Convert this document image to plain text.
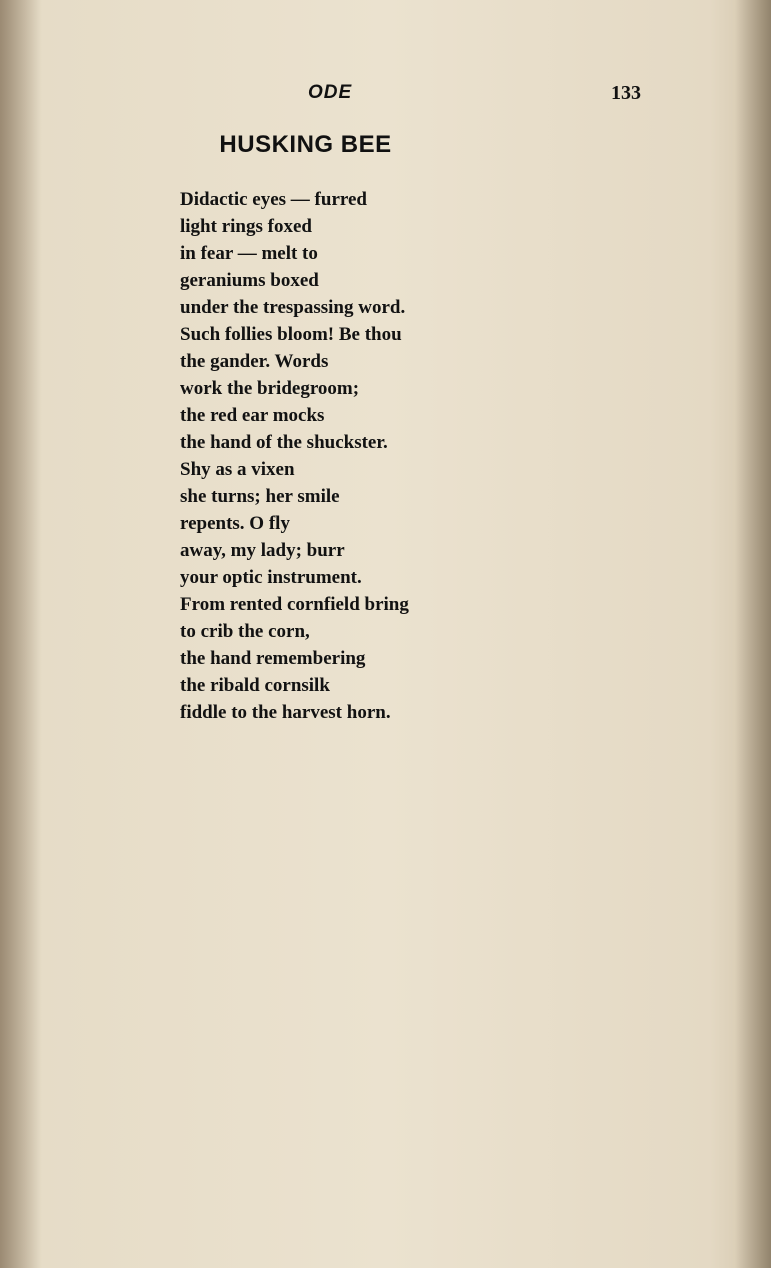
ODE	133
HUSKING BEE
Didactic eyes — furred
light rings foxed
in fear — melt to
geraniums boxed
under the trespassing word.
Such follies bloom! Be thou
the gander. Words
work the bridegroom;
the red ear mocks
the hand of the shuckster.
Shy as a vixen
she turns; her smile
repents. O fly
away, my lady; burr
your optic instrument.
From rented cornfield bring
to crib the corn,
the hand remembering
the ribald cornsilk
fiddle to the harvest horn.
